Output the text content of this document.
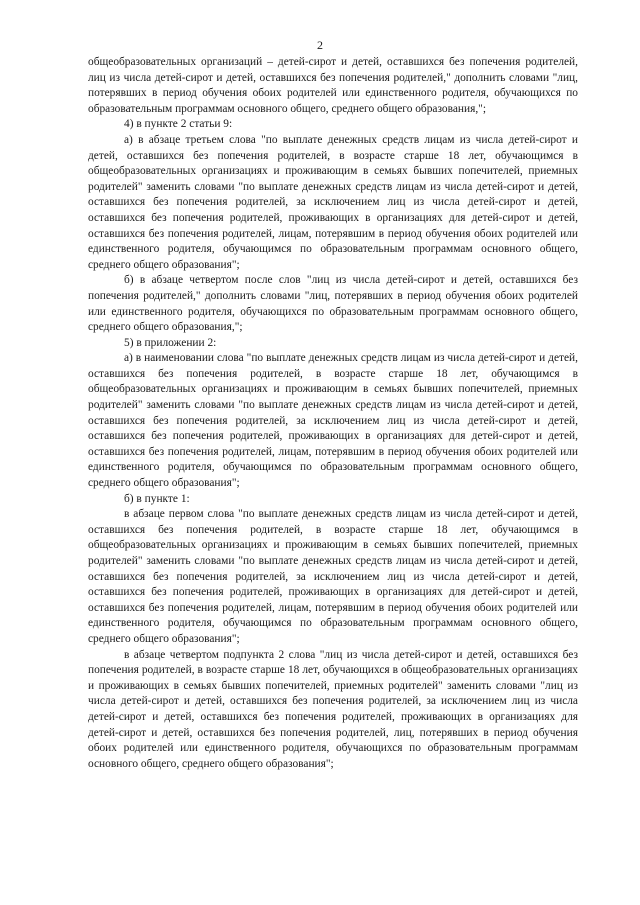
2

общеобразовательных организаций – детей-сирот и детей, оставшихся без попечения родителей, лиц из числа детей-сирот и детей, оставшихся без попечения родителей," дополнить словами "лиц, потерявших в период обучения обоих родителей или единственного родителя, обучающихся по образовательным программам основного общего, среднего общего образования,";

4) в пункте 2 статьи 9:

а) в абзаце третьем слова "по выплате денежных средств лицам из числа детей-сирот и детей, оставшихся без попечения родителей, в возрасте старше 18 лет, обучающимся в общеобразовательных организациях и проживающим в семьях бывших попечителей, приемных родителей" заменить словами "по выплате денежных средств лицам из числа детей-сирот и детей, оставшихся без попечения родителей, за исключением лиц из числа детей-сирот и детей, оставшихся без попечения родителей, проживающих в организациях для детей-сирот и детей, оставшихся без попечения родителей, лицам, потерявшим в период обучения обоих родителей или единственного родителя, обучающимся по образовательным программам основного общего, среднего общего образования";

б) в абзаце четвертом после слов "лиц из числа детей-сирот и детей, оставшихся без попечения родителей," дополнить словами "лиц, потерявших в период обучения обоих родителей или единственного родителя, обучающихся по образовательным программам основного общего, среднего общего образования,";

5) в приложении 2:

а) в наименовании слова "по выплате денежных средств лицам из числа детей-сирот и детей, оставшихся без попечения родителей, в возрасте старше 18 лет, обучающимся в общеобразовательных организациях и проживающим в семьях бывших попечителей, приемных родителей" заменить словами "по выплате денежных средств лицам из числа детей-сирот и детей, оставшихся без попечения родителей, за исключением лиц из числа детей-сирот и детей, оставшихся без попечения родителей, проживающих в организациях для детей-сирот и детей, оставшихся без попечения родителей, лицам, потерявшим в период обучения обоих родителей или единственного родителя, обучающимся по образовательным программам основного общего, среднего общего образования";

б) в пункте 1:

в абзаце первом слова "по выплате денежных средств лицам из числа детей-сирот и детей, оставшихся без попечения родителей, в возрасте старше 18 лет, обучающимся в общеобразовательных организациях и проживающим в семьях бывших попечителей, приемных родителей" заменить словами "по выплате денежных средств лицам из числа детей-сирот и детей, оставшихся без попечения родителей, за исключением лиц из числа детей-сирот и детей, оставшихся без попечения родителей, проживающих в организациях для детей-сирот и детей, оставшихся без попечения родителей, лицам, потерявшим в период обучения обоих родителей или единственного родителя, обучающимся по образовательным программам основного общего, среднего общего образования";

в абзаце четвертом подпункта 2 слова "лиц из числа детей-сирот и детей, оставшихся без попечения родителей, в возрасте старше 18 лет, обучающихся в общеобразовательных организациях и проживающих в семьях бывших попечителей, приемных родителей" заменить словами "лиц из числа детей-сирот и детей, оставшихся без попечения родителей, за исключением лиц из числа детей-сирот и детей, оставшихся без попечения родителей, проживающих в организациях для детей-сирот и детей, оставшихся без попечения родителей, лиц, потерявших в период обучения обоих родителей или единственного родителя, обучающихся по образовательным программам основного общего, среднего общего образования";
